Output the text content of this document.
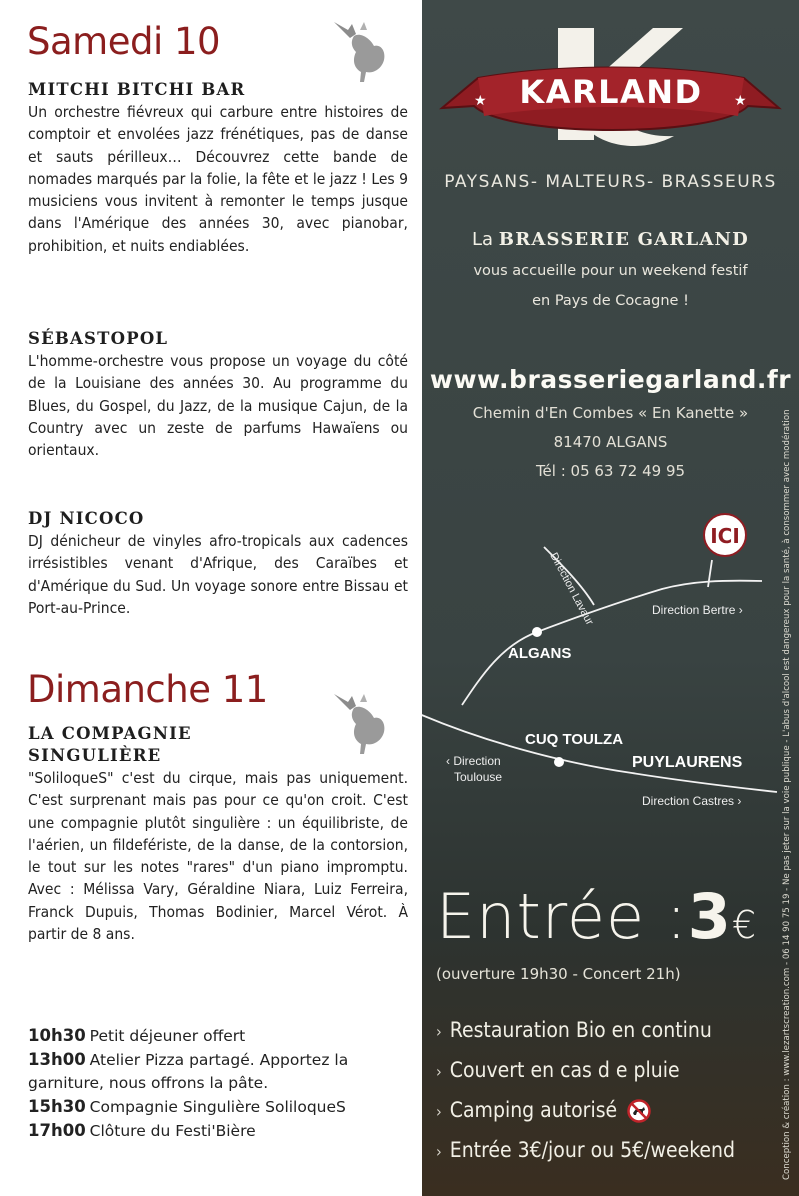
Samedi 10
MITCHI BITCHI BAR

Un orchestre fiévreux qui carbure entre histoires de comptoir et envolées jazz frénétiques, pas de danse et sauts périlleux… Découvrez cette bande de nomades marqués par la folie, la fête et le jazz ! Les 9 musiciens vous invitent à remonter le temps jusque dans l'Amérique des années 30, avec pianobar, prohibition, et nuits endiablées.

SÉBASTOPOL

L'homme-orchestre vous propose un voyage du côté de la Louisiane des années 30. Au programme du Blues, du Gospel, du Jazz, de la musique Cajun, de la Country avec un zeste de parfums Hawaïens ou orientaux.

DJ NICOCO

DJ dénicheur de vinyles afro-tropicals aux cadences irrésistibles venant d'Afrique, des Caraïbes et d'Amérique du Sud. Un voyage sonore entre Bissau et Port-au-Prince.

Dimanche 11
LA COMPAGNIE
SINGULIÈRE

"SoliloqueS" c'est du cirque, mais pas uniquement. C'est surprenant mais pas pour ce qu'on croit. C'est une compagnie plutôt singulière : un équilibriste, de l'aérien, un fildefériste, de la danse, de la contorsion, le tout sur les notes "rares" d'un piano impromptu. Avec : Mélissa Vary, Géraldine Niara, Luiz Ferreira, Franck Dupuis, Thomas Bodinier, Marcel Vérot. À partir de 8 ans.

10h30 Petit déjeuner offert
13h00 Atelier Pizza partagé. Apportez la garniture, nous offrons la pâte.
15h30 Compagnie Singulière SoliloqueS
17h00 Clôture du Festi'Bière
★	★
KARLAND
PAYSANS- MALTEURS- BRASSEURS
La BRASSERIE GARLAND
vous accueille pour un weekend festif
en Pays de Cocagne !
www.brasseriegarland.fr
Chemin d'En Combes « En Kanette »
81470 ALGANS
Tél : 05 63 72 49 95
ICI
Direction Lavaur	Direction Bertre ›
ALGANS
CUQ TOULZA
PUYLAURENS
‹ Direction
Toulouse
Direction Castres ›
Entrée :3€
(ouverture 19h30 - Concert 21h)
› Restauration Bio en continu
› Couvert en cas d e pluie
› Camping autorisé
› Entrée 3€/jour ou 5€/weekend	Conception & création : www.lezartscreation.com - 06 14 90 75 19 - Ne pas jeter sur la voie publique - L'abus d'alcool est dangereux pour la santé, à consommer avec modération
